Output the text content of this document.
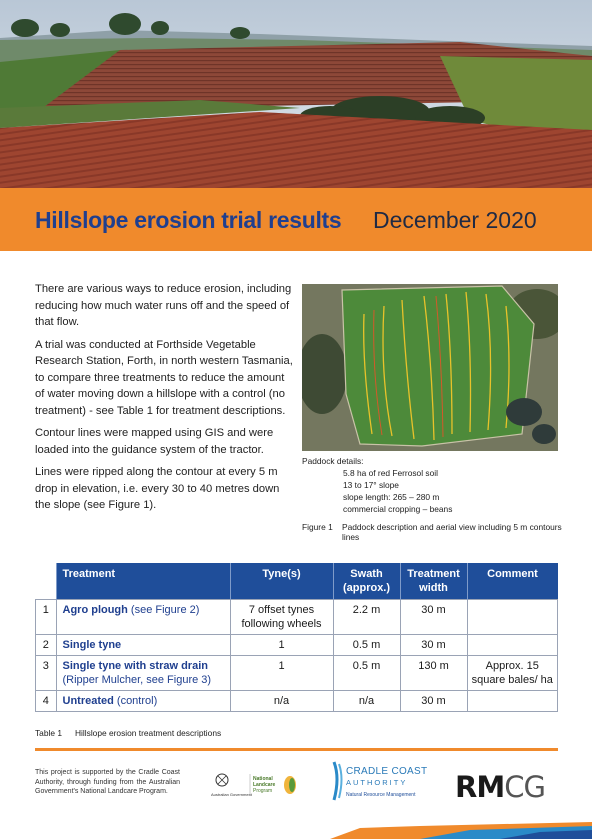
Hillslope erosion trial results December 2020

There are various ways to reduce erosion, including reducing how much water runs off and the speed of that flow.

A trial was conducted at Forthside Vegetable Research Station, Forth, in north western Tasmania, to compare three treatments to reduce the amount of water moving down a hillslope with a control (no treatment) - see Table 1 for treatment descriptions.

Contour lines were mapped using GIS and were loaded into the guidance system of the tractor.

Lines were ripped along the contour at every 5 m drop in elevation, i.e. every 30 to 40 metres down the slope (see Figure 1).

Paddock details:
5.8 ha of red Ferrosol soil
13 to 17° slope
slope length: 265 – 280 m
commercial cropping – beans
Figure 1 Paddock description and aerial view including 5 m contours lines
	Treatment	Tyne(s)	Swath (approx.)	Treatment width	Comment
1	Agro plough (see Figure 2)	7 offset tynes following wheels	2.2 m	30 m	
2	Single tyne	1	0.5 m	30 m	
3	Single tyne with straw drain (Ripper Mulcher, see Figure 3)	1	0.5 m	130 m	Approx. 15 square bales/ ha
4	Untreated (control)	n/a	n/a	30 m	
Table 1 Hillslope erosion treatment descriptions
This project is supported by the Cradle Coast Authority, through funding from the Australian Government's National Landcare Program.	Australian Government
National
Landcare
Program
CRADLE COAST
AUTHORITY
Natural Resource Management RMCG
